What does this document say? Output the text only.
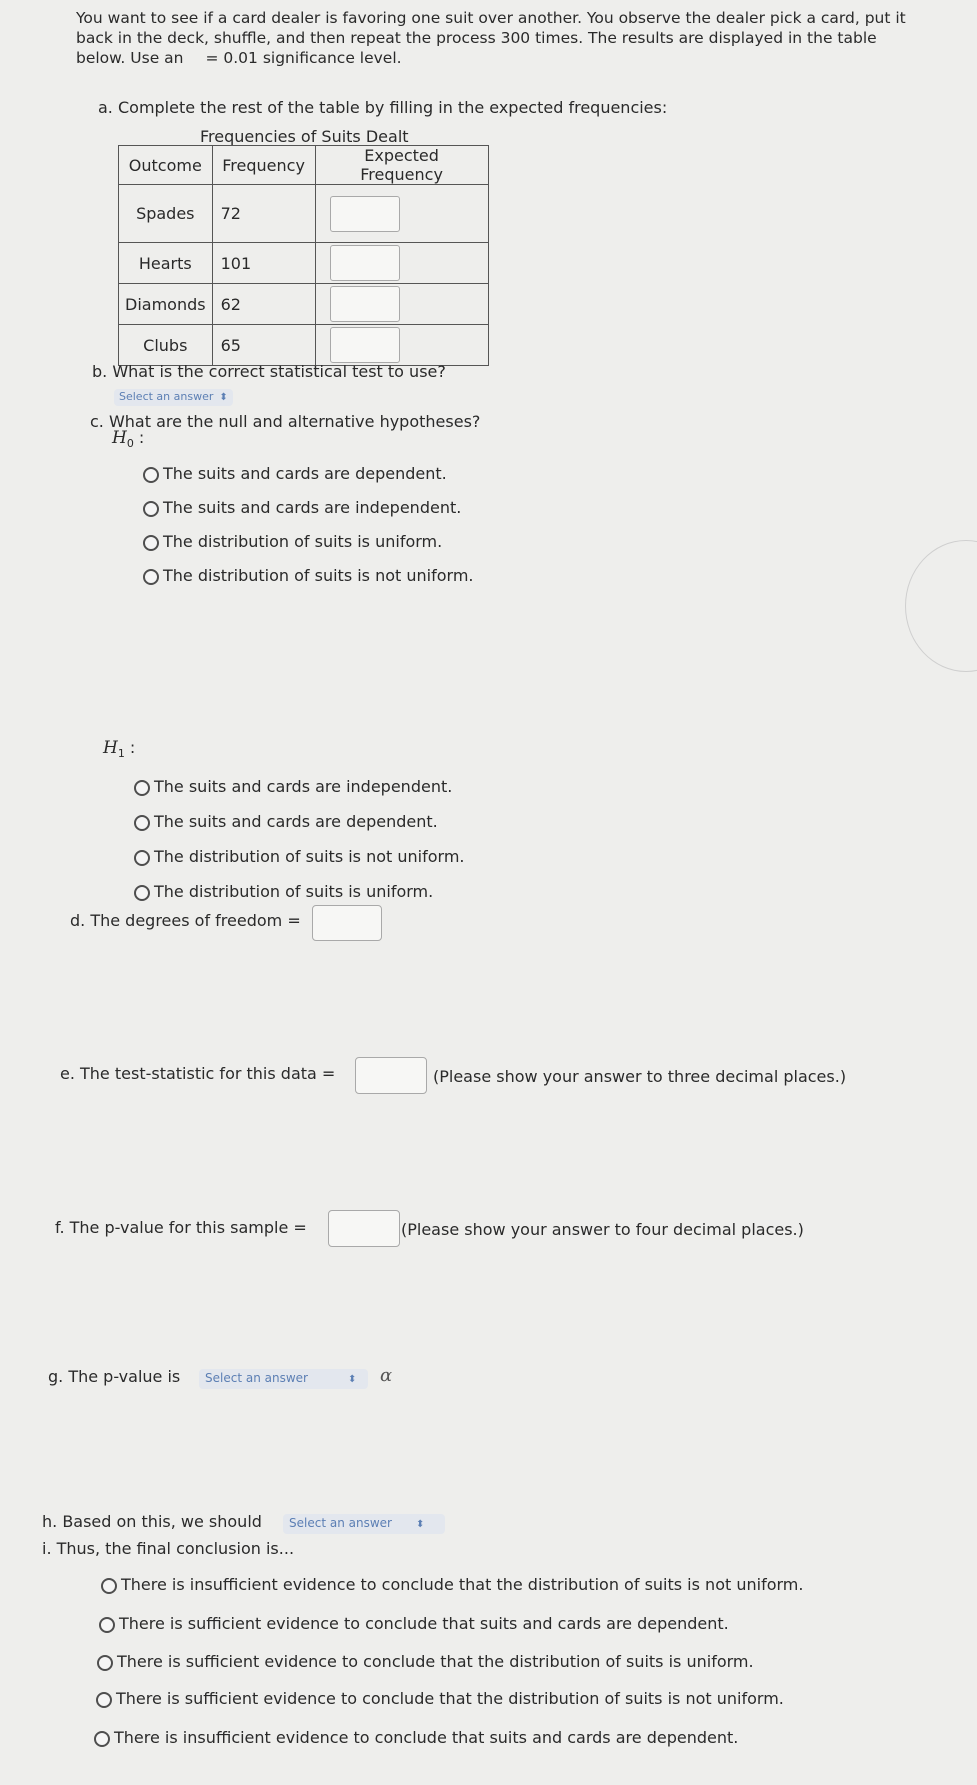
You want to see if a card dealer is favoring one suit over another. You observe the dealer pick a card, put it
back in the deck, shuffle, and then repeat the process 300 times. The results are displayed in the table
below. Use an = 0.01 significance level.
a. Complete the rest of the table by filling in the expected frequencies:
Frequencies of Suits Dealt
Outcome	Frequency	Expected Frequency
Spades	72	

Hearts	101	

Diamonds	62	

Clubs	65	
b. What is the correct statistical test to use?
Select an answer ⬍
c. What are the null and alternative hypotheses?
$H_0$ :
The suits and cards are dependent.
The suits and cards are independent.
The distribution of suits is uniform.
The distribution of suits is not uniform.
$H_1$ :
The suits and cards are independent.
The suits and cards are dependent.
The distribution of suits is not uniform.
The distribution of suits is uniform.
d. The degrees of freedom =
e. The test-statistic for this data =	(Please show your answer to three decimal places.)
f. The p-value for this sample =	(Please show your answer to four decimal places.)
g. The p-value is	Select an answer	⬍	α
h. Based on this, we should	Select an answer ⬍
i. Thus, the final conclusion is...
There is insufficient evidence to conclude that the distribution of suits is not uniform.
There is sufficient evidence to conclude that suits and cards are dependent.
There is sufficient evidence to conclude that the distribution of suits is uniform.
There is sufficient evidence to conclude that the distribution of suits is not uniform.
There is insufficient evidence to conclude that suits and cards are dependent.
